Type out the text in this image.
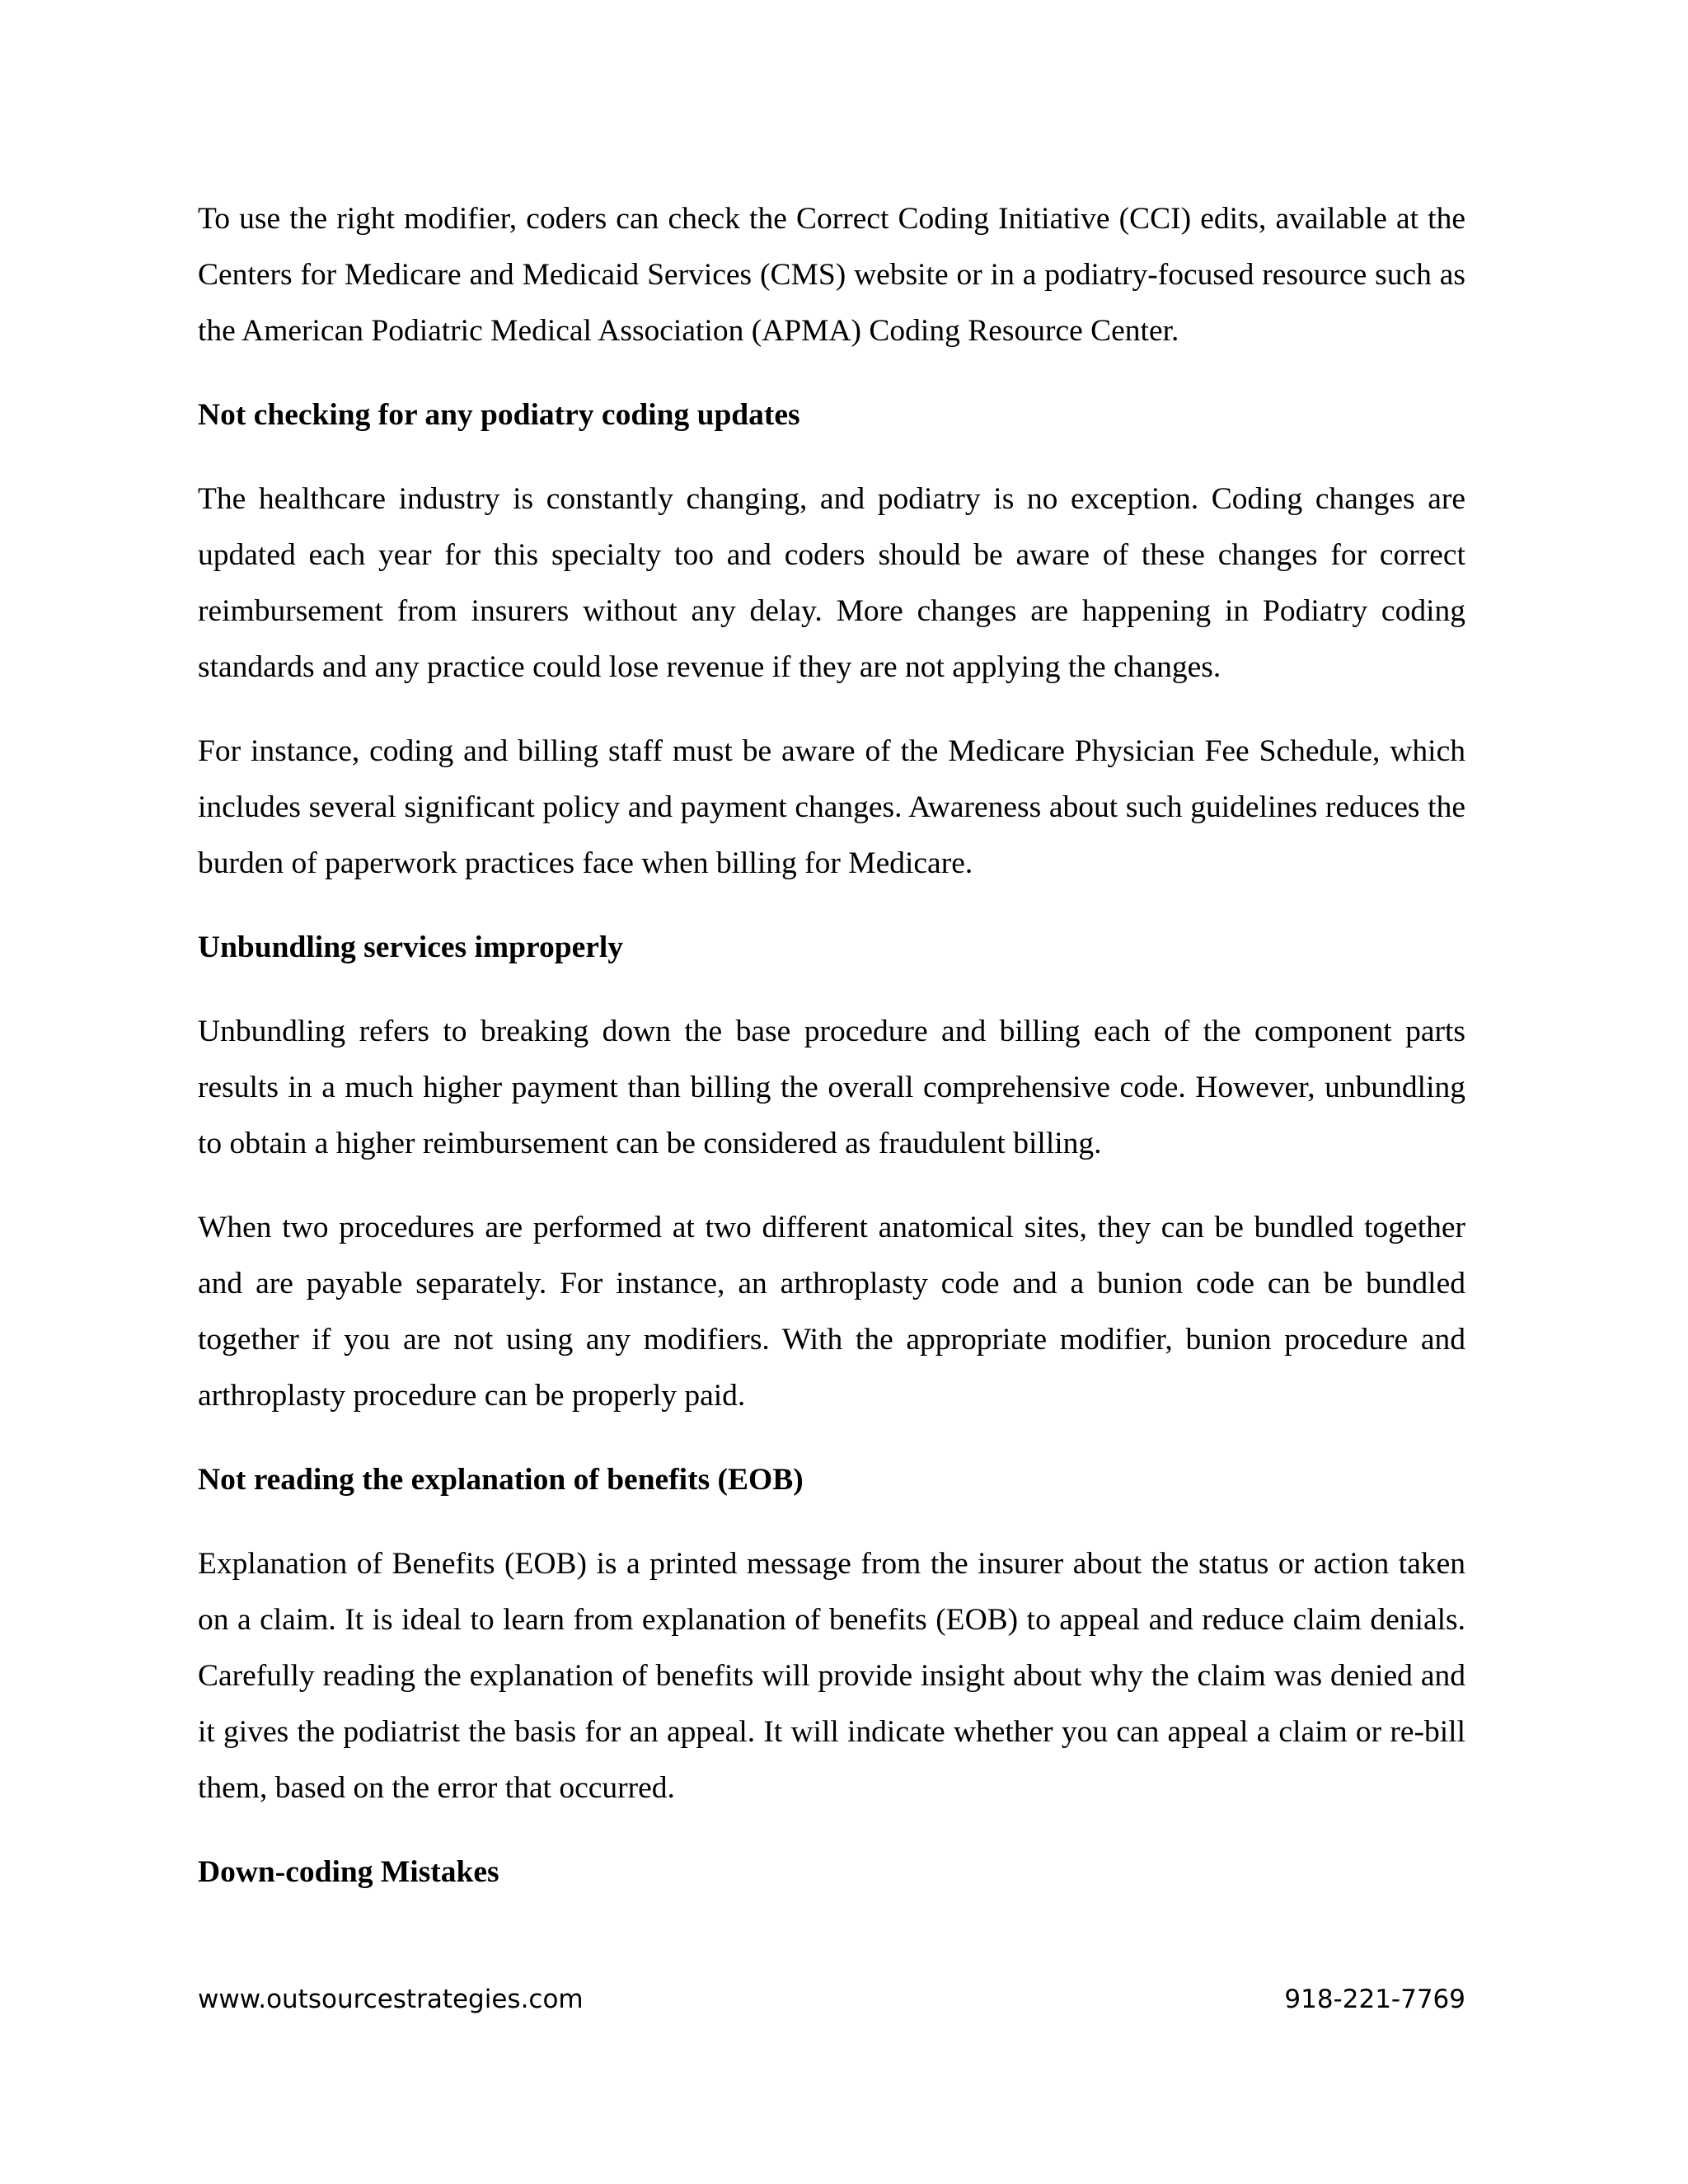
To use the right modifier, coders can check the Correct Coding Initiative (CCI) edits, available at the Centers for Medicare and Medicaid Services (CMS) website or in a podiatry-focused resource such as the American Podiatric Medical Association (APMA) Coding Resource Center.

Not checking for any podiatry coding updates

The healthcare industry is constantly changing, and podiatry is no exception. Coding changes are updated each year for this specialty too and coders should be aware of these changes for correct reimbursement from insurers without any delay. More changes are happening in Podiatry coding standards and any practice could lose revenue if they are not applying the changes.

For instance, coding and billing staff must be aware of the Medicare Physician Fee Schedule, which includes several significant policy and payment changes. Awareness about such guidelines reduces the burden of paperwork practices face when billing for Medicare.

Unbundling services improperly

Unbundling refers to breaking down the base procedure and billing each of the component parts results in a much higher payment than billing the overall comprehensive code. However, unbundling to obtain a higher reimbursement can be considered as fraudulent billing.

When two procedures are performed at two different anatomical sites, they can be bundled together and are payable separately. For instance, an arthroplasty code and a bunion code can be bundled together if you are not using any modifiers. With the appropriate modifier, bunion procedure and arthroplasty procedure can be properly paid.

Not reading the explanation of benefits (EOB)

Explanation of Benefits (EOB) is a printed message from the insurer about the status or action taken on a claim. It is ideal to learn from explanation of benefits (EOB) to appeal and reduce claim denials. Carefully reading the explanation of benefits will provide insight about why the claim was denied and it gives the podiatrist the basis for an appeal. It will indicate whether you can appeal a claim or re-bill them, based on the error that occurred.

Down-coding Mistakes
www.outsourcestrategies.com	918-221-7769
